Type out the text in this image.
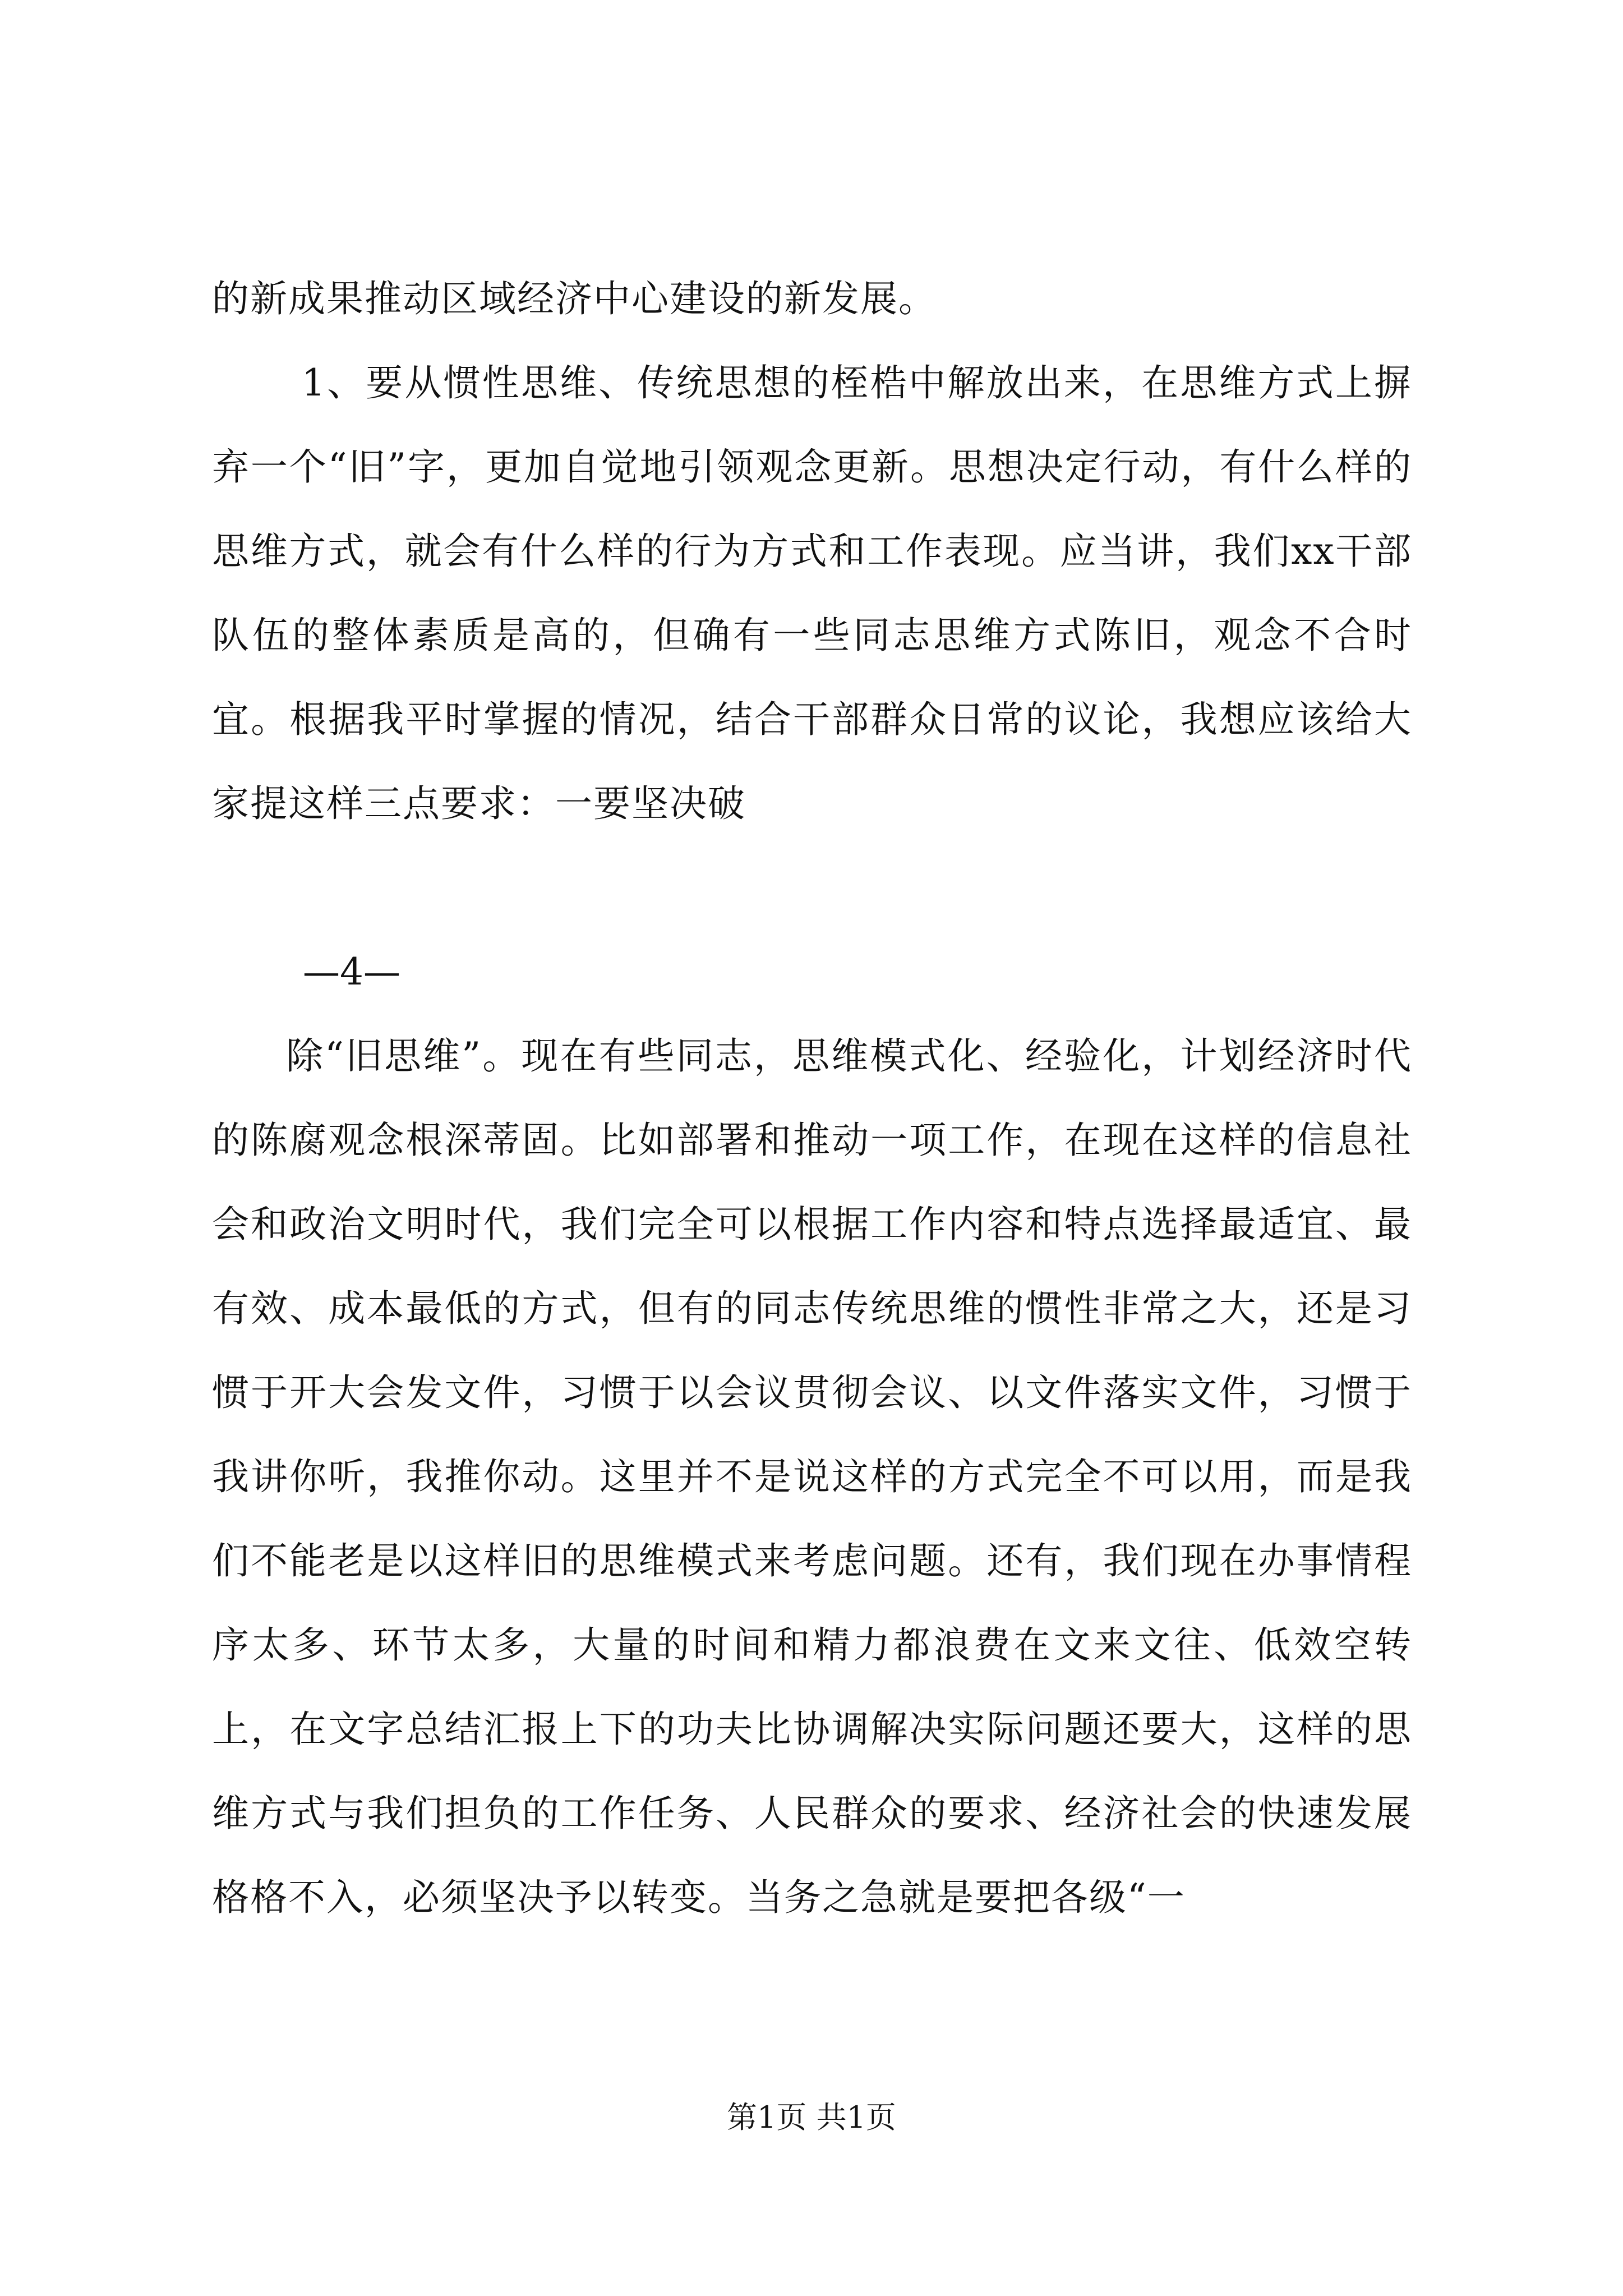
的新成果推动区域经济中心建设的新发展。

1、要从惯性思维、传统思想的桎梏中解放出来，在思维方式上摒弃一个“旧”字，更加自觉地引领观念更新。思想决定行动，有什么样的思维方式，就会有什么样的行为方式和工作表现。应当讲，我们xx干部队伍的整体素质是高的，但确有一些同志思维方式陈旧，观念不合时宜。根据我平时掌握的情况，结合干部群众日常的议论，我想应该给大家提这样三点要求：一要坚决破

—4—

除“旧思维”。现在有些同志，思维模式化、经验化，计划经济时代的陈腐观念根深蒂固。比如部署和推动一项工作，在现在这样的信息社会和政治文明时代，我们完全可以根据工作内容和特点选择最适宜、最有效、成本最低的方式，但有的同志传统思维的惯性非常之大，还是习惯于开大会发文件，习惯于以会议贯彻会议、以文件落实文件，习惯于我讲你听，我推你动。这里并不是说这样的方式完全不可以用，而是我们不能老是以这样旧的思维模式来考虑问题。还有，我们现在办事情程序太多、环节太多，大量的时间和精力都浪费在文来文往、低效空转上，在文字总结汇报上下的功夫比协调解决实际问题还要大，这样的思维方式与我们担负的工作任务、人民群众的要求、经济社会的快速发展格格不入，必须坚决予以转变。当务之急就是要把各级“一

第1页 共1页
